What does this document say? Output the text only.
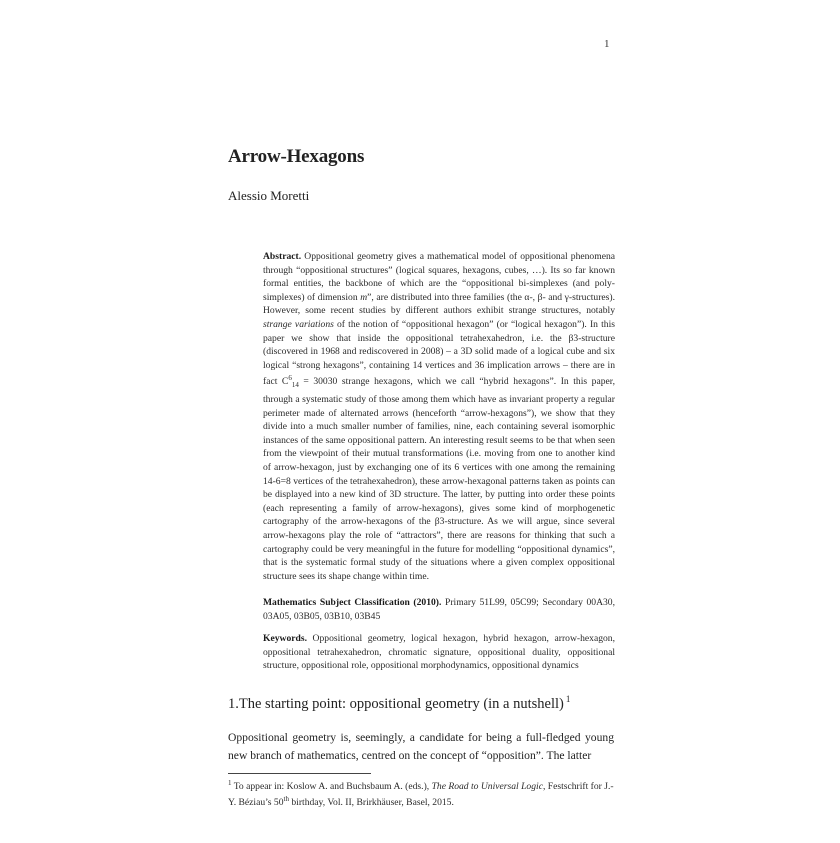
1
Arrow-Hexagons
Alessio Moretti
Abstract. Oppositional geometry gives a mathematical model of oppositional phenomena through “oppositional structures” (logical squares, hexagons, cubes, …). Its so far known formal entities, the backbone of which are the “oppositional bi-simplexes (and poly-simplexes) of dimension m”, are distributed into three families (the α-, β- and γ-structures). However, some recent studies by different authors exhibit strange structures, notably strange variations of the notion of “oppositional hexagon” (or “logical hexagon”). In this paper we show that inside the oppositional tetrahexahedron, i.e. the β3-structure (discovered in 1968 and rediscovered in 2008) – a 3D solid made of a logical cube and six logical “strong hexagons”, containing 14 vertices and 36 implication arrows – there are in fact $C^6_{14} = 30030$ strange hexagons, which we call “hybrid hexagons”. In this paper, through a systematic study of those among them which have as invariant property a regular perimeter made of alternated arrows (henceforth “arrow-hexagons”), we show that they divide into a much smaller number of families, nine, each containing several isomorphic instances of the same oppositional pattern. An interesting result seems to be that when seen from the viewpoint of their mutual transformations (i.e. moving from one to another kind of arrow-hexagon, just by exchanging one of its 6 vertices with one among the remaining 14-6=8 vertices of the tetrahexahedron), these arrow-hexagonal patterns taken as points can be displayed into a new kind of 3D structure. The latter, by putting into order these points (each representing a family of arrow-hexagons), gives some kind of morphogenetic cartography of the arrow-hexagons of the β3-structure. As we will argue, since several arrow-hexagons play the role of “attractors”, there are reasons for thinking that such a cartography could be very meaningful in the future for modelling “oppositional dynamics”, that is the systematic formal study of the situations where a given complex oppositional structure sees its shape change within time.
Mathematics Subject Classification (2010). Primary 51L99, 05C99; Secondary 00A30, 03A05, 03B05, 03B10, 03B45
Keywords. Oppositional geometry, logical hexagon, hybrid hexagon, arrow-hexagon, oppositional tetrahexahedron, chromatic signature, oppositional duality, oppositional structure, oppositional role, oppositional morphodynamics, oppositional dynamics
1.The starting point: oppositional geometry (in a nutshell) $^1$
Oppositional geometry is, seemingly, a candidate for being a full-fledged young new branch of mathematics, centred on the concept of “opposition”. The latter
$^1$ To appear in: Koslow A. and Buchsbaum A. (eds.), The Road to Universal Logic, Festschrift for J.-Y. Béziau’s 50th birthday, Vol. II, Brirkhäuser, Basel, 2015.
